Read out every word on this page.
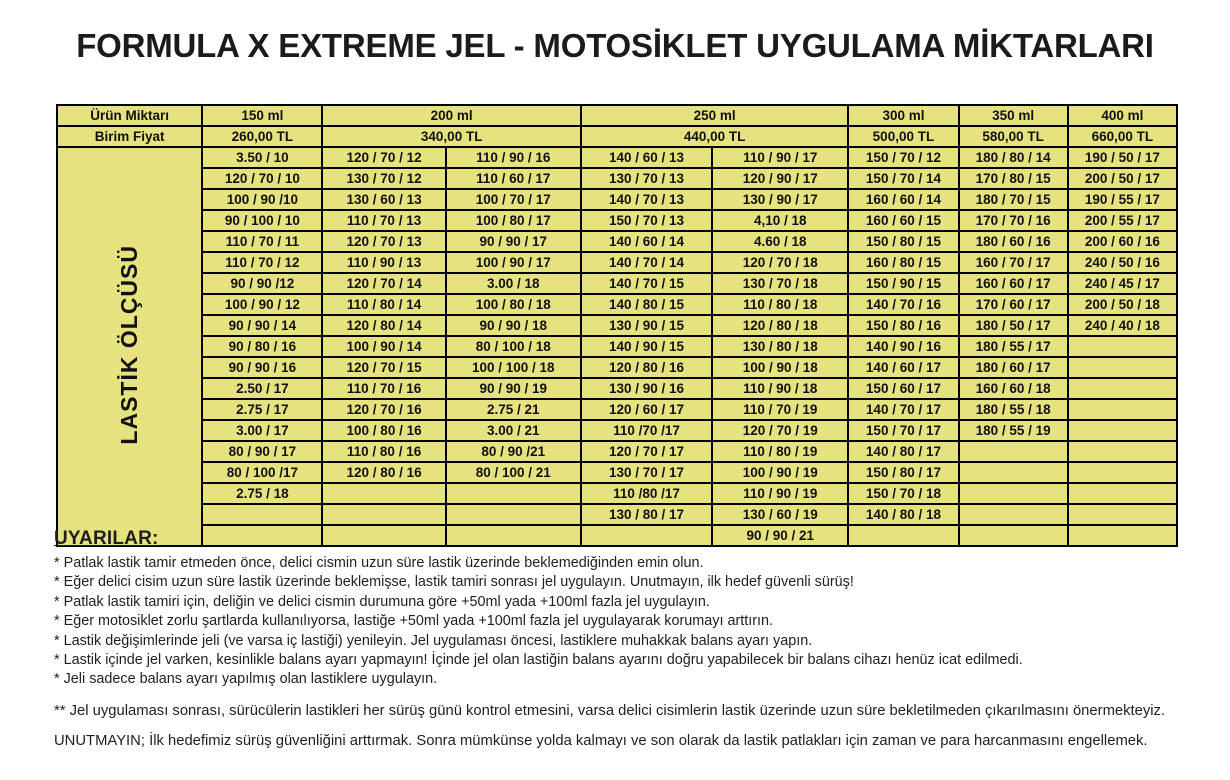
FORMULA X EXTREME JEL - MOTOSİKLET UYGULAMA MİKTARLARI
Ürün Miktarı	150 ml	200 ml		250 ml		300 ml	350 ml	400 ml
Birim Fiyat	260,00 TL	340,00 TL		440,00 TL		500,00 TL	580,00 TL	660,00 TL
LASTİK ÖLÇÜSÜ	3.50 / 10	120 / 70 / 12	110 / 90 / 16	140 / 60 / 13	110 / 90 / 17	150 / 70 / 12	180 / 80 / 14	190 / 50 / 17
	120 / 70 / 10	130 / 70 / 12	110 / 60 / 17	130 / 70 / 13	120 / 90 / 17	150 / 70 / 14	170 / 80 / 15	200 / 50 / 17
	100 / 90 /10	130 / 60 / 13	100 / 70 / 17	140 / 70 / 13	130 / 90 / 17	160 / 60 / 14	180 / 70 / 15	190 / 55 / 17
	90 / 100 / 10	110 / 70 / 13	100 / 80 / 17	150 / 70 / 13	4,10 / 18	160 / 60 / 15	170 / 70 / 16	200 / 55 / 17
	110 / 70 / 11	120 / 70 / 13	90 / 90 / 17	140 / 60 / 14	4.60 / 18	150 / 80 / 15	180 / 60 / 16	200 / 60 / 16
	110 / 70 / 12	110 / 90 / 13	100 / 90 / 17	140 / 70 / 14	120 / 70 / 18	160 / 80 / 15	160 / 70 / 17	240 / 50 / 16
	90 / 90 /12	120 / 70 / 14	3.00 / 18	140 / 70 / 15	130 / 70 / 18	150 / 90 / 15	160 / 60 / 17	240 / 45 / 17
	100 / 90 / 12	110 / 80 / 14	100 / 80 / 18	140 / 80 / 15	110 / 80 / 18	140 / 70 / 16	170 / 60 / 17	200 / 50 / 18
	90 / 90 / 14	120 / 80 / 14	90 / 90 / 18	130 / 90 / 15	120 / 80 / 18	150 / 80 / 16	180 / 50 / 17	240 / 40 / 18
	90 / 80 / 16	100 / 90 / 14	80 / 100 / 18	140 / 90 / 15	130 / 80 / 18	140 / 90 / 16	180 / 55 / 17	
	90 / 90 / 16	120 / 70 / 15	100 / 100 / 18	120 / 80 / 16	100 / 90 / 18	140 / 60 / 17	180 / 60 / 17	
	2.50 / 17	110 / 70 / 16	90 / 90 / 19	130 / 90 / 16	110 / 90 / 18	150 / 60 / 17	160 / 60 / 18	
	2.75 / 17	120 / 70 / 16	2.75 / 21	120 / 60 / 17	110 / 70 / 19	140 / 70 / 17	180 / 55 / 18	
	3.00 / 17	100 / 80 / 16	3.00 / 21	110 /70 /17	120 / 70 / 19	150 / 70 / 17	180 / 55 / 19	
	80 / 90 / 17	110 / 80 / 16	80 / 90 /21	120 / 70 / 17	110 / 80 / 19	140 / 80 / 17		
	80 / 100 /17	120 / 80 / 16	80 / 100 / 21	130 / 70 / 17	100 / 90 / 19	150 / 80 / 17		
	2.75 / 18			110 /80 /17	110 / 90 / 19	150 / 70 / 18		
				130 / 80 / 17	130 / 60 / 19	140 / 80 / 18		
					90 / 90 / 21			
UYARILAR:
* Patlak lastik tamir etmeden önce, delici cismin uzun süre lastik üzerinde beklemediğinden emin olun.
* Eğer delici cisim uzun süre lastik üzerinde beklemişse, lastik tamiri sonrası jel uygulayın. Unutmayın, ilk hedef güvenli sürüş!
* Patlak lastik tamiri için, deliğin ve delici cismin durumuna göre +50ml yada +100ml fazla jel uygulayın.
* Eğer motosiklet zorlu şartlarda kullanılıyorsa, lastiğe +50ml yada +100ml fazla jel uygulayarak korumayı arttırın.
* Lastik değişimlerinde jeli (ve varsa iç lastiği) yenileyin. Jel uygulaması öncesi, lastiklere muhakkak balans ayarı yapın.
* Lastik içinde jel varken, kesinlikle balans ayarı yapmayın! İçinde jel olan lastiğin balans ayarını doğru yapabilecek bir balans cihazı henüz icat edilmedi.
* Jeli sadece balans ayarı yapılmış olan lastiklere uygulayın.
** Jel uygulaması sonrası, sürücülerin lastikleri her sürüş günü kontrol etmesini, varsa delici cisimlerin lastik üzerinde uzun süre bekletilmeden çıkarılmasını önermekteyiz.
UNUTMAYIN; İlk hedefimiz sürüş güvenliğini arttırmak. Sonra mümkünse yolda kalmayı ve son olarak da lastik patlakları için zaman ve para harcanmasını engellemek.
